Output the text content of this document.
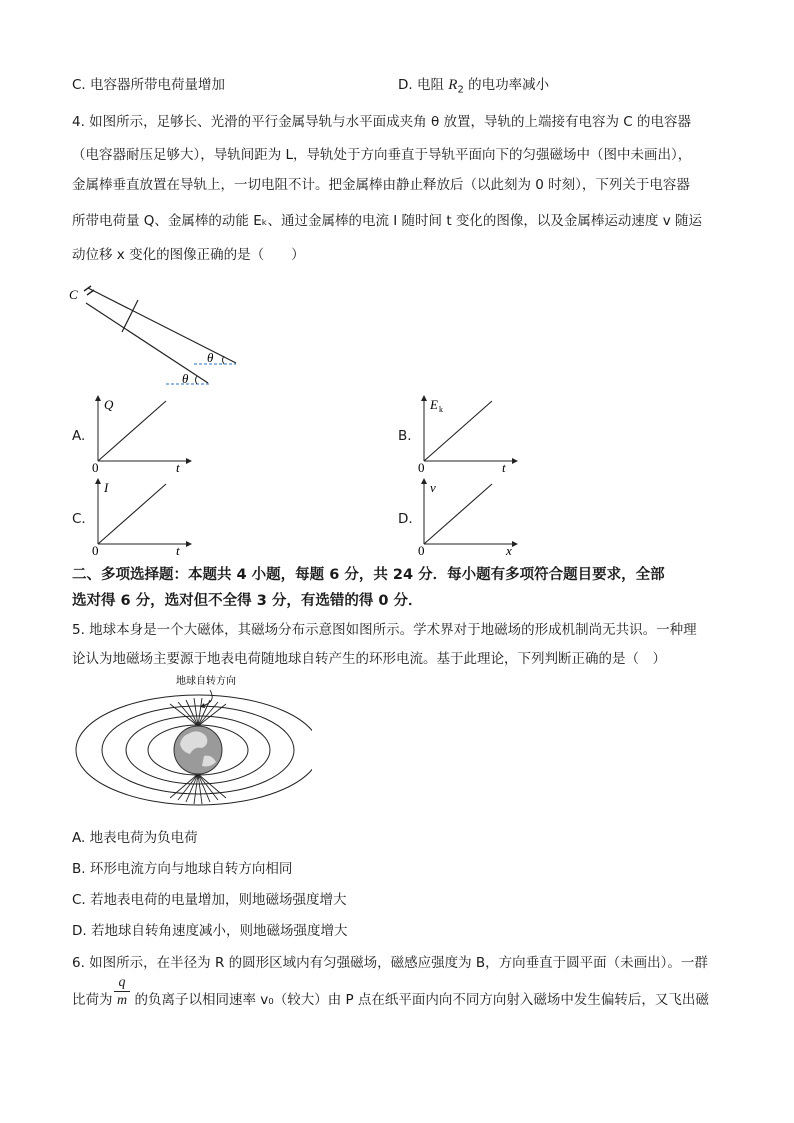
C. 电容器所带电荷量增加	D. 电阻 $R_2$ 的电功率减小
4. 如图所示，足够长、光滑的平行金属导轨与水平面成夹角 θ 放置，导轨的上端接有电容为 C 的电容器
（电容器耐压足够大），导轨间距为 L，导轨处于方向垂直于导轨平面向下的匀强磁场中（图中未画出），
金属棒垂直放置在导轨上，一切电阻不计。把金属棒由静止释放后（以此刻为 0 时刻），下列关于电容器
所带电荷量 Q、金属棒的动能 Eₖ、通过金属棒的电流 I 随时间 t 变化的图像，以及金属棒运动速度 v 随运
动位移 x 变化的图像正确的是（　　）
C
θ
θ
A.
Q
t
0
B.
E k
t
0
C.
I
t
0
D.
v
x
0
二、多项选择题：本题共 4 小题，每题 6 分，共 24 分．每小题有多项符合题目要求，全部
选对得 6 分，选对但不全得 3 分，有选错的得 0 分．
5. 地球本身是一个大磁体，其磁场分布示意图如图所示。学术界对于地磁场的形成机制尚无共识。一种理
论认为地磁场主要源于地表电荷随地球自转产生的环形电流。基于此理论，下列判断正确的是（　）
地球自转方向
A. 地表电荷为负电荷
B. 环形电流方向与地球自转方向相同
C. 若地表电荷的电量增加，则地磁场强度增大
D. 若地球自转角速度减小，则地磁场强度增大
6. 如图所示，在半径为 R 的圆形区域内有匀强磁场，磁感应强度为 B，方向垂直于圆平面（未画出）。一群
比荷为 的负离子以相同速率 v₀（较大）由 P 点在纸平面内向不同方向射入磁场中发生偏转后，又飞出磁
q
m
